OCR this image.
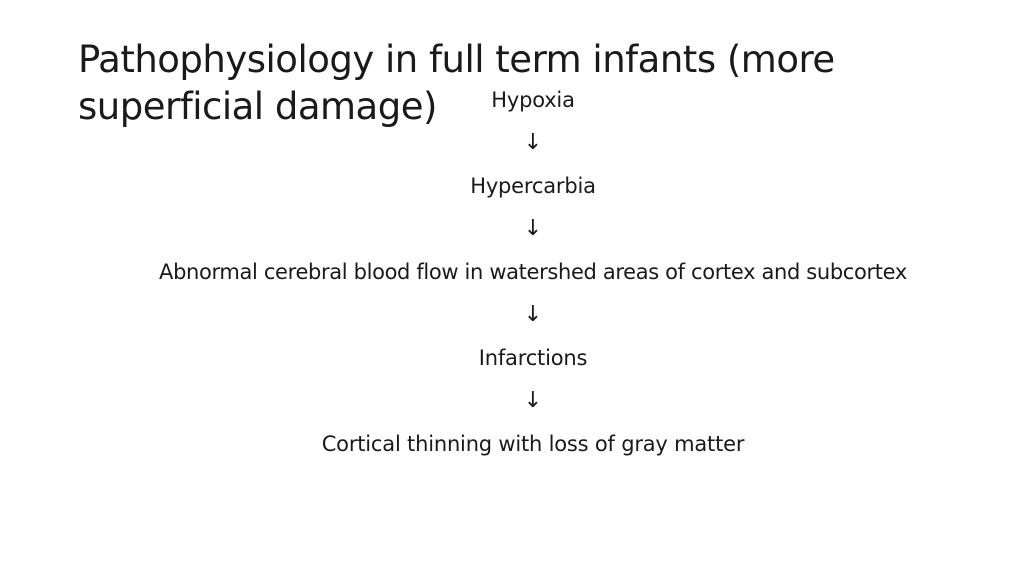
Pathophysiology in full term infants (more superficial damage)	Hypoxia
↓
Hypercarbia
↓
Abnormal cerebral blood flow in watershed areas of cortex and subcortex
↓
Infarctions
↓
Cortical thinning with loss of gray matter
